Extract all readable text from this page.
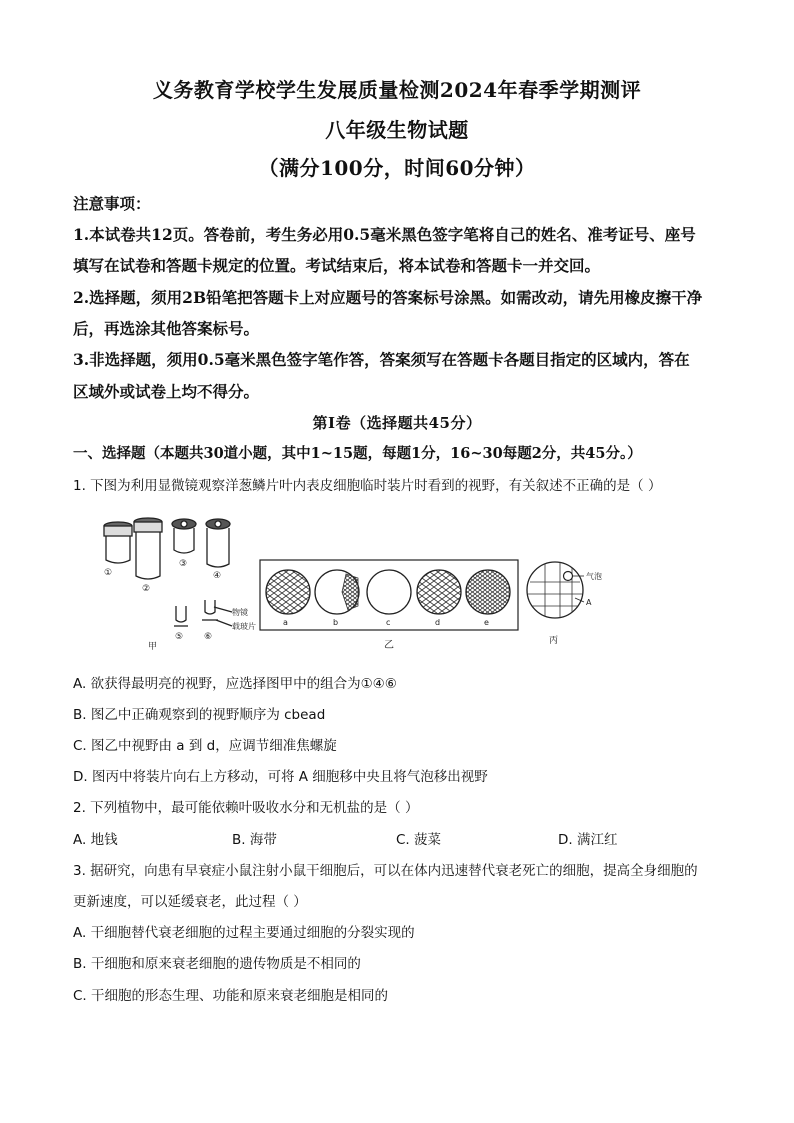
义务教育学校学生发展质量检测2024年春季学期测评
八年级生物试题
（满分100分，时间60分钟）
注意事项：
1.本试卷共12页。答卷前，考生务必用0.5毫米黑色签字笔将自己的姓名、准考证号、座号
填写在试卷和答题卡规定的位置。考试结束后，将本试卷和答题卡一并交回。
2.选择题，须用2B铅笔把答题卡上对应题号的答案标号涂黑。如需改动，请先用橡皮擦干净
后，再选涂其他答案标号。
3.非选择题，须用0.5毫米黑色签字笔作答，答案须写在答题卡各题目指定的区域内，答在
区域外或试卷上均不得分。
第Ⅰ卷（选择题共45分）
一、选择题（本题共30道小题，其中1~15题，每题1分，16~30每题2分，共45分。）
1. 下图为利用显微镜观察洋葱鳞片叶内表皮细胞临时装片时看到的视野，有关叙述不正确的是（ ）
①
②
③
④
⑤ ⑥
物镜
载玻片
甲
a	b	c	d	e
乙
气泡
A
丙
A. 欲获得最明亮的视野，应选择图甲中的组合为①④⑥
B. 图乙中正确观察到的视野顺序为 cbead
C. 图乙中视野由 a 到 d，应调节细准焦螺旋
D. 图丙中将装片向右上方移动，可将 A 细胞移中央且将气泡移出视野
2. 下列植物中，最可能依赖叶吸收水分和无机盐的是（ ）
A. 地钱	B. 海带	C. 菠菜	D. 满江红
3. 据研究，向患有早衰症小鼠注射小鼠干细胞后，可以在体内迅速替代衰老死亡的细胞，提高全身细胞的
更新速度，可以延缓衰老，此过程（ ）
A. 干细胞替代衰老细胞的过程主要通过细胞的分裂实现的
B. 干细胞和原来衰老细胞的遗传物质是不相同的
C. 干细胞的形态生理、功能和原来衰老细胞是相同的
